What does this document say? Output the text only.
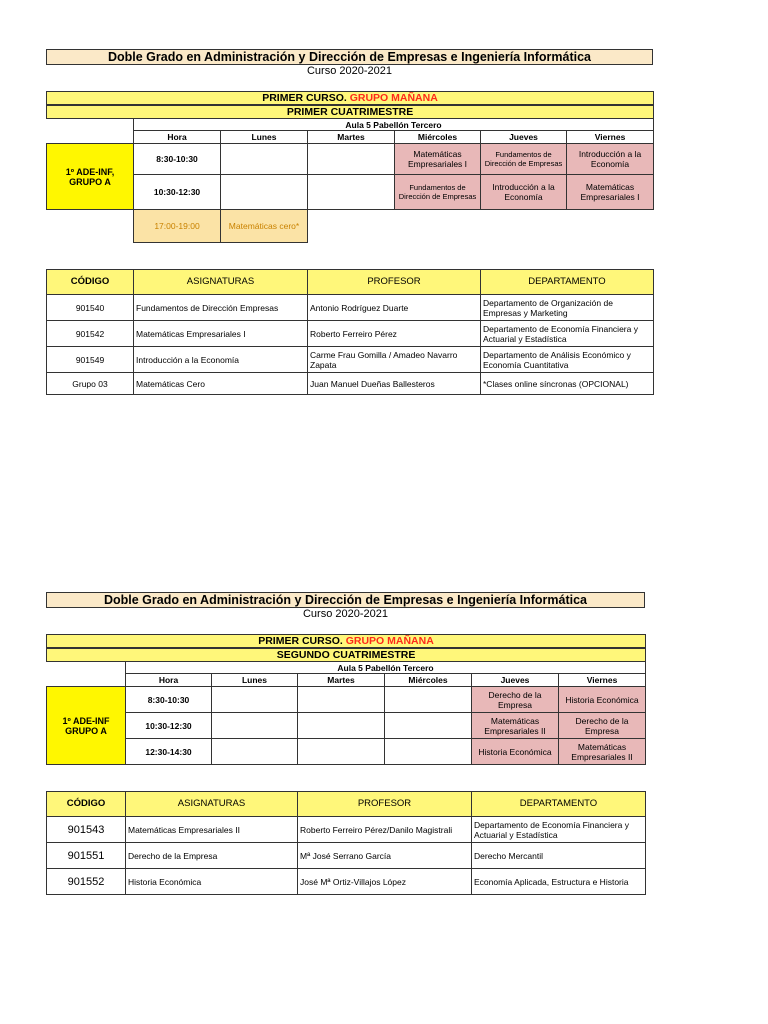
Doble Grado en Administración y Dirección de Empresas e Ingeniería Informática
Curso 2020-2021
PRIMER CURSO. GRUPO MAÑANA						
PRIMER CUATRIMESTRE						
	Aula 5 Pabellón Tercero					
	Hora	Lunes	Martes	Miércoles	Jueves	Viernes
1º ADE-INF, GRUPO A	8:30-10:30			Matemáticas Empresariales I	Fundamentos de Dirección de Empresas	Introducción a la Economía
	10:30-12:30			Fundamentos de Dirección de Empresas	Introducción a la Economía	Matemáticas Empresariales I
	17:00-19:00	Matemáticas cero*				
CÓDIGO	ASIGNATURAS	PROFESOR	DEPARTAMENTO
901540	Fundamentos de Dirección Empresas	Antonio Rodríguez Duarte	Departamento de Organización de Empresas y Marketing
901542	Matemáticas Empresariales I	Roberto Ferreiro Pérez	Departamento de Economía Financiera y Actuarial y Estadística
901549	Introducción a la Economía	Carme Frau Gomilla / Amadeo Navarro Zapata	Departamento de Análisis Económico y Economía Cuantitativa
Grupo 03	Matemáticas Cero	Juan Manuel Dueñas Ballesteros	*Clases online síncronas (OPCIONAL)
Doble Grado en Administración y Dirección de Empresas e Ingeniería Informática
Curso 2020-2021
PRIMER CURSO. GRUPO MAÑANA						
SEGUNDO CUATRIMESTRE						
	Aula 5 Pabellón Tercero					
	Hora	Lunes	Martes	Miércoles	Jueves	Viernes
1º ADE-INF GRUPO A	8:30-10:30				Derecho de la Empresa	Historia Económica
	10:30-12:30				Matemáticas Empresariales II	Derecho de la Empresa
	12:30-14:30				Historia Económica	Matemáticas Empresariales II
CÓDIGO	ASIGNATURAS	PROFESOR	DEPARTAMENTO
901543	Matemáticas Empresariales II	Roberto Ferreiro Pérez/Danilo Magistrali	Departamento de Economía Financiera y Actuarial y Estadística
901551	Derecho de la Empresa	Mª José Serrano García	Derecho Mercantil
901552	Historia Económica	José Mª Ortiz-Villajos López	Economía Aplicada, Estructura e Historia
